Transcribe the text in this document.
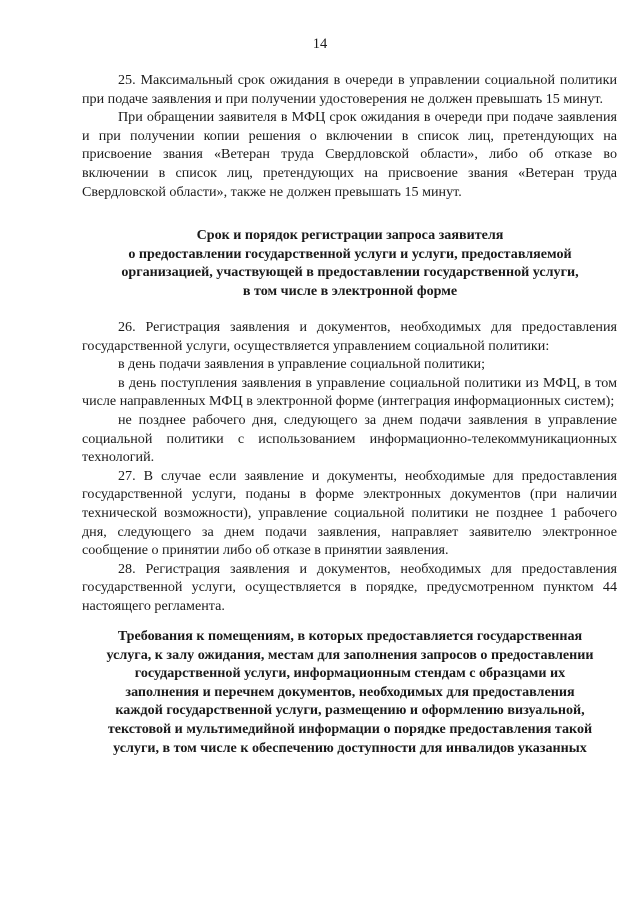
14

25. Максимальный срок ожидания в очереди в управлении социальной политики при подаче заявления и при получении удостоверения не должен превышать 15 минут.

При обращении заявителя в МФЦ срок ожидания в очереди при подаче заявления и при получении копии решения о включении в список лиц, претендующих на присвоение звания «Ветеран труда Свердловской области», либо об отказе во включении в список лиц, претендующих на присвоение звания «Ветеран труда Свердловской области», также не должен превышать 15 минут.

Срок и порядок регистрации запроса заявителя
о предоставлении государственной услуги и услуги, предоставляемой
организацией, участвующей в предоставлении государственной услуги,
в том числе в электронной форме

26. Регистрация заявления и документов, необходимых для предоставления государственной услуги, осуществляется управлением социальной политики:

в день подачи заявления в управление социальной политики;

в день поступления заявления в управление социальной политики из МФЦ, в том числе направленных МФЦ в электронной форме (интеграция информационных систем);

не позднее рабочего дня, следующего за днем подачи заявления в управление социальной политики с использованием информационно-телекоммуникационных технологий.

27. В случае если заявление и документы, необходимые для предоставления государственной услуги, поданы в форме электронных документов (при наличии технической возможности), управление социальной политики не позднее 1 рабочего дня, следующего за днем подачи заявления, направляет заявителю электронное сообщение о принятии либо об отказе в принятии заявления.

28. Регистрация заявления и документов, необходимых для предоставления государственной услуги, осуществляется в порядке, предусмотренном пунктом 44 настоящего регламента.

Требования к помещениям, в которых предоставляется государственная
услуга, к залу ожидания, местам для заполнения запросов о предоставлении
государственной услуги, информационным стендам с образцами их
заполнения и перечнем документов, необходимых для предоставления
каждой государственной услуги, размещению и оформлению визуальной,
текстовой и мультимедийной информации о порядке предоставления такой
услуги, в том числе к обеспечению доступности для инвалидов указанных
